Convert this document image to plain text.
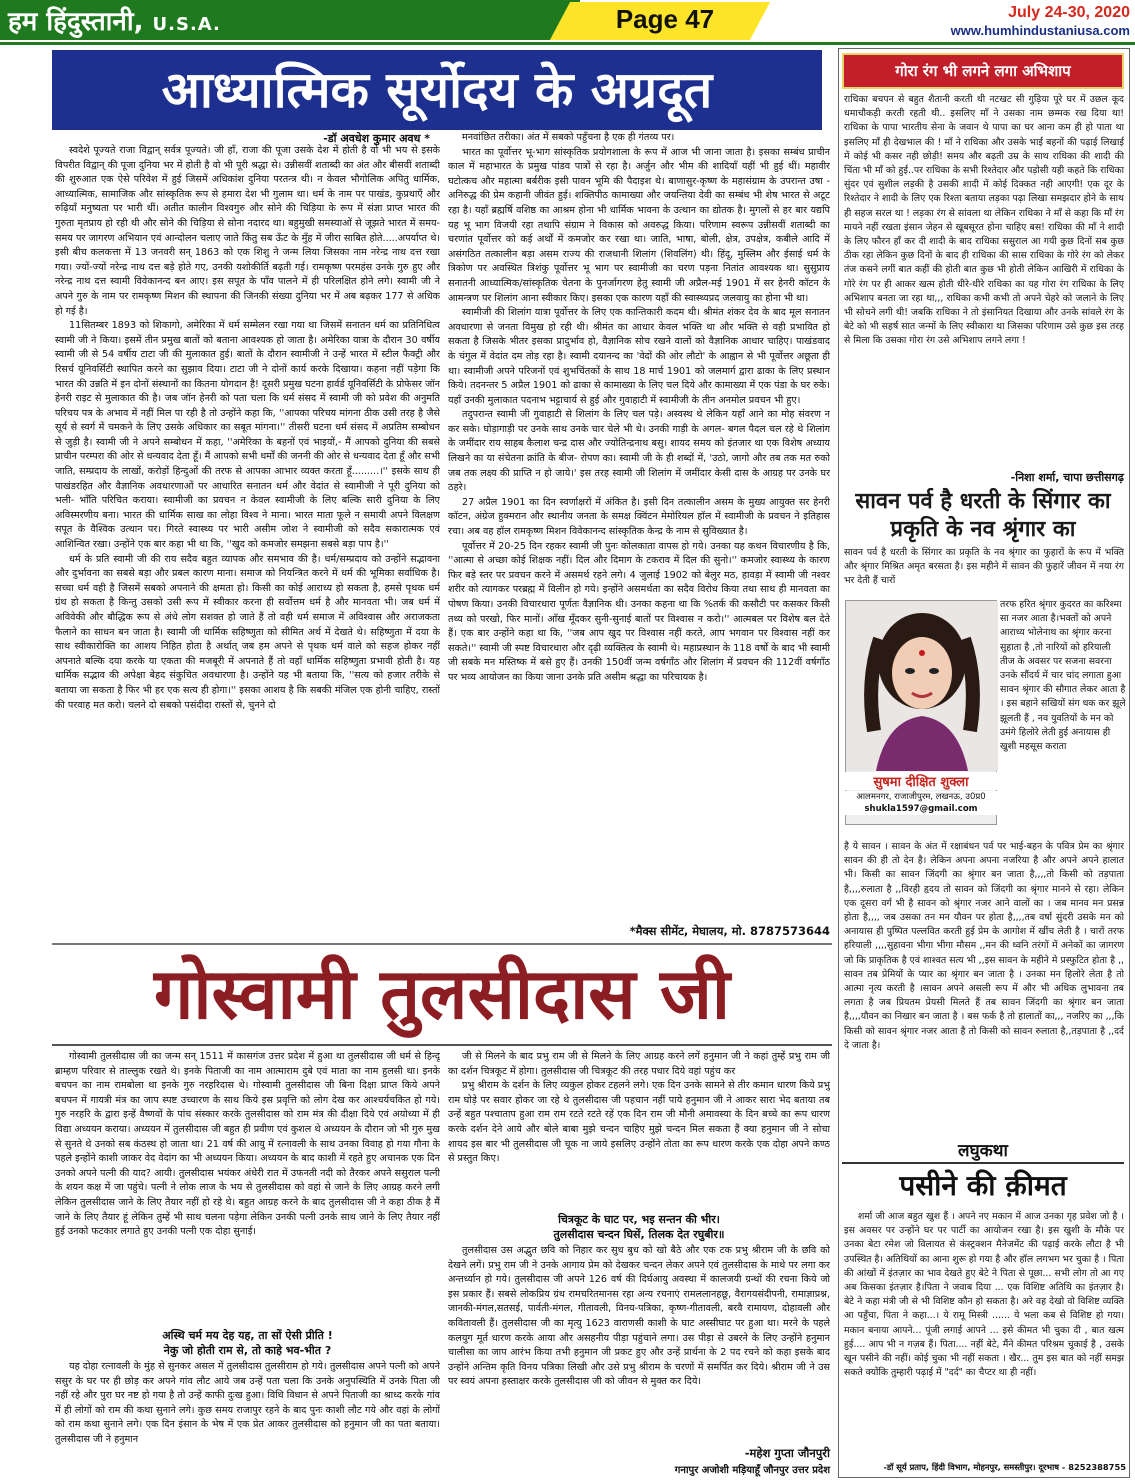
हम हिंदुस्तानी, U.S.A.	Page 47	July 24-30, 2020
www.humhindustaniusa.com
आध्यात्मिक सूर्योदय के अग्रदूत
-डॉ अवधेश कुमार अवध *

स्वदेशे पूज्यते राजा विद्वान् सर्वत्र पूज्यते। जी हाँ, राजा की पूजा उसके देश में होती है वो भी भय से इसके विपरीत विद्वान् की पूजा दुनिया भर में होती है वो भी पूरी श्रद्धा से। उन्नीसवीं शताब्दी का अंत और बीसवीं शताब्दी की शुरुआत एक ऐसे परिवेश में हुई जिसमें अधिकांश दुनिया परतन्त्र थी। न केवल भौगोलिक अपितु धार्मिक, आध्यात्मिक, सामाजिक और सांस्कृतिक रूप से हमारा देश भी गुलाम था। धर्म के नाम पर पाखंड, कुप्रथाएँ और रुढ़ियाँ मनुष्यता पर भारी थीं। अतीत कालीन विश्वगुरु और सोने की चिड़िया के रूप में संज्ञा प्राप्त भारत की गुरुता मृतप्राय हो रही थी और सोने की चिड़िया से सोना नदारद था। बहुमुखी समस्याओं से जूझते भारत में समय-समय पर जागरण अभियान एवं आन्दोलन चलाए जाते किंतु सब ऊँट के मुँह में जीरा साबित होते.....अपर्याप्त थे। इसी बीच कलकत्ता में 13 जनवरी सन् 1863 को एक शिशु ने जन्म लिया जिसका नाम नरेन्द्र नाथ दत्त रखा गया। ज्यों-ज्यों नरेन्द्र नाथ दत्त बड़े होते गए, उनकी यशोकीर्ति बढ़ती गई। रामकृष्ण परमहंस उनके गुरु हुए और नरेन्द्र नाथ दत्त स्वामी विवेकानन्द बन आए। इस सपूत के पाँव पालने में ही परिलक्षित होने लगे। स्वामी जी ने अपने गुरु के नाम पर रामकृष्ण मिशन की स्थापना की जिनकी संख्या दुनिया भर में अब बढ़कर 177 से अधिक हो गई है।

11सितम्बर 1893 को शिकागो, अमेरिका में धर्म सम्मेलन रखा गया था जिसमें सनातन धर्म का प्रतिनिधित्व स्वामी जी ने किया। इसमें तीन प्रमुख बातों को बताना आवश्यक हो जाता है। अमेरिका यात्रा के दौरान 30 वर्षीय स्वामी जी से 54 वर्षीय टाटा जी की मुलाकात हुई। बातों के दौरान स्वामीजी ने उन्हें भारत में स्टील फैक्ट्री और रिसर्च यूनिवर्सिटी स्थापित करने का सुझाव दिया। टाटा जी ने दोनों कार्य करके दिखाया। कहना नहीं पड़ेगा कि भारत की उन्नति में इन दोनों संस्थानों का कितना योगदान है! दूसरी प्रमुख घटना हार्वर्ड यूनिवर्सिटी के प्रोफेसर जॉन हेनरी राइट से मुलाकात की है। जब जॉन हेनरी को पता चला कि धर्म संसद में स्वामी जी को प्रवेश की अनुमति परिचय पत्र के अभाव में नहीं मिल पा रही है तो उन्होंने कहा कि, ''आपका परिचय मांगना ठीक उसी तरह है जैसे सूर्य से स्वर्ग में चमकने के लिए उसके अधिकार का सबूत मांगना।'' तीसरी घटना धर्म संसद में अप्रतिम सम्बोधन से जुड़ी है। स्वामी जी ने अपने सम्बोधन में कहा, ''अमेरिका के बहनों एवं भाइयों,- मैं आपको दुनिया की सबसे प्राचीन परम्परा की ओर से धन्यवाद देता हूँ। मैं आपको सभी धर्मों की जननी की ओर से धन्यवाद देता हूँ और सभी जाति, सम्प्रदाय के लाखों, करोड़ों हिन्दुओं की तरफ से आपका आभार व्यक्त करता हूँ.........।'' इसके साथ ही पाखंडरहित और वैज्ञानिक अवधारणाओं पर आधारित सनातन धर्म और वेदांत से स्वामीजी ने पूरी दुनिया को भली- भाँति परिचित कराया। स्वामीजी का प्रवचन न केवल स्वामीजी के लिए बल्कि सारी दुनिया के लिए अविस्मरणीय बना। भारत की धार्मिक साख का लोहा विश्व ने माना। भारत माता फूले न समायी अपने विलक्षण सपूत के वैश्विक उत्थान पर। गिरते स्वास्थ्य पर भारी असीम जोश ने स्वामीजी को सदैव सकारात्मक एवं आशिन्वित रखा। उन्होंने एक बार कहा भी था कि, ''खुद को कमजोर समझना सबसे बड़ा पाप है।''

धर्म के प्रति स्वामी जी की राय सदैव बहुत व्यापक और समभाव की है। धर्म/सम्प्रदाय को उन्होंने सद्भावना और दुर्भावना का सबसे बड़ा और प्रबल कारण माना। समाज को नियन्त्रित करने में धर्म की भूमिका सर्वाधिक है। सच्चा धर्म वही है जिसमें सबको अपनाने की क्षमता हो। किसी का कोई आराध्य हो सकता है, हमसे पृथक धर्म ग्रंथ हो सकता है किन्तु उसको उसी रूप में स्वीकार करना ही सर्वोत्तम धर्म है और मानवता भी। जब धर्म में अविवेकी और बौद्धिक रूप से अंधे लोग सशक्त हो जाते हैं तो वही धर्म समाज में अविश्वास और अराजकता फैलाने का साधन बन जाता है। स्वामी जी धार्मिक सहिष्णुता को सीमित अर्थ में देखते थे। सहिष्णुता में दया के साथ स्वीकारोक्ति का आशय निहित होता है अर्थात् जब हम अपने से पृथक धर्म वाले को सहज होकर नहीं अपनाते बल्कि दया करके या एकता की मजबूरी में अपनाते हैं तो वहाँ धार्मिक सहिष्णुता प्रभावी होती है। यह धार्मिक सद्भाव की अपेक्षा बेहद संकुचित अवधारणा है। उन्होंने यह भी बताया कि, ''सत्य को हजार तरीके से बताया जा सकता है फिर भी हर एक सत्य ही होगा।'' इसका आशय है कि सबकी मंजिल एक होनी चाहिए, रास्तों की परवाह मत करो। चलने दो सबको पसंदीदा रास्तों से, चुनने दो

मनवांछित तरीका। अंत में सबको पहुँचना है एक ही गंतव्य पर।

भारत का पूर्वोत्तर भू-भाग सांस्कृतिक प्रयोगशाला के रूप में आज भी जाना जाता है। इसका सम्बंध प्राचीन काल में महाभारत के प्रमुख पांडव पात्रों से रहा है। अर्जुन और भीम की शादियाँ यहीं भी हुई थीं। महावीर घटोत्कच और महात्मा बर्बरीक इसी पावन भूमि की पैदाइश थे। बाणासुर-कृष्ण के महासंग्राम के उपरान्त उषा - अनिरुद्ध की प्रेम कहानी जीवंत हुई। शक्तिपीठ कामाख्या और जयन्तिया देवी का सम्बंध भी शेष भारत से अटूट रहा है। यहाँ ब्रह्मर्षि वशिष्ठ का आश्रम होना भी धार्मिक भावना के उत्थान का द्योतक है। मुगलों से हर बार यद्यपि यह भू भाग विजयी रहा तथापि संग्राम ने विकास को अवरुद्ध किया। परिणाम स्वरूप उन्नीसवीं शताब्दी का चरणांत पूर्वोत्तर को कई अर्थों में कमजोर कर रखा था। जाति, भाषा, बोली, क्षेत्र, उपक्षेत्र, कबीले आदि में असंगठित तत्कालीन बड़ा असम राज्य की राजधानी शिलांग (शिवलिंग) थी। हिंदू, मुस्लिम और ईसाई धर्म के त्रिकोण पर अवस्थित त्रिशंकु पूर्वोत्तर भू भाग पर स्वामीजी का चरण पड़ना नितांत आवश्यक था। सुसुप्राय सनातनी आध्यात्मिक/सांस्कृतिक चेतना के पुनर्जागरण हेतु स्वामी जी अप्रैल-मई 1901 में सर हेनरी कॉटन के आमन्त्रण पर शिलांग आना स्वीकार किए। इसका एक कारण यहाँ की स्वास्थ्यप्रद जलवायु का होना भी था।

स्वामीजी की शिलांग यात्रा पूर्वोत्तर के लिए एक कान्तिकारी कदम थी। श्रीमंत शंकर देव के बाद मूल सनातन अवधारणा से जनता विमुख हो रही थी। श्रीमंत का आधार केवल भक्ति था और भक्ति से वही प्रभावित हो सकता है जिसके भीतर इसका प्रादुर्भाव हो, वैज्ञानिक सोच रखने वालों को वैज्ञानिक आधार चाहिए। पाखंडवाद के चंगुल में वेदांत दम तोड़ रहा है। स्वामी दयानन्द का 'वेदों की ओर लौटो' के आह्वान से भी पूर्वोत्तर अछूता ही था। स्वामीजी अपने परिजनों एवं शुभचिंतकों के साथ 18 मार्च 1901 को जलमार्ग द्वारा ढाका के लिए प्रस्थान किये। तदनन्तर 5 अप्रैल 1901 को ढाका से कामाख्या के लिए चल दिये और कामाख्या में एक पंडा के घर रुके। यहाँ उनकी मुलाकात पदनाभ भट्टाचार्य से हुई और गुवाहाटी में स्वामीजी के तीन अनमोल प्रवचन भी हुए।

तदुपरान्त स्वामी जी गुवाहाटी से शिलांग के लिए चल पड़े। अस्वस्थ थे लेकिन यहाँ आने का मोह संवरण न कर सके। घोड़ागाड़ी पर उनके साथ उनके चार चेले भी थे। उनकी गाड़ी के अगल- बगल पैदल चल रहे थे शिलांग के जमींदार राय साहब कैलाश चन्द्र दास और ज्योतिन्द्रनाथ बसु। शायद समय को इंतजार था एक विशेष अध्याय लिखने का या संचेतना क्रांति के बीज- रोपण का। स्वामी जी के ही शब्दों में, 'उठो, जागो और तब तक मत रुको जब तक लक्ष्य की प्राप्ति न हो जाये।' इस तरह स्वामी जी शिलांग में जमींदार केसी दास के आग्रह पर उनके घर ठहरे।

27 अप्रैल 1901 का दिन स्वर्णाक्षरों में अंकित है। इसी दिन तत्कालीन असम के मुख्य आयुक्त सर हेनरी कॉटन, अंग्रेज हुक्मरान और स्थानीय जनता के समक्ष क्विंटन मेमोरियल हॉल में स्वामीजी के प्रवचन ने इतिहास रचा। अब वह हॉल रामकृष्ण मिशन विवेकानन्द सांस्कृतिक केन्द्र के नाम से सुविख्यात है।

पूर्वोत्तर में 20-25 दिन रहकर स्वामी जी पुनः कोलकाता वापस हो गये। उनका यह कथन विचारणीय है कि, ''आत्मा से अच्छा कोई शिक्षक नहीं। दिल और दिमाग के टकराव में दिल की सुनो।'' कमजोर स्वास्थ्य के कारण फिर बड़े स्तर पर प्रवचन करने में असमर्थ रहने लगे। 4 जुलाई 1902 को बेलुर मठ, हावड़ा में स्वामी जी नश्वर शरीर को त्यागकर परब्रह्म में विलीन हो गये। इन्होंने असमर्थता का सदैव विरोध किया तथा साथ ही मानवता का पोषण किया। उनकी विचारधारा पूर्णतः वैज्ञानिक थी। उनका कहना था कि %तर्क की कसौटी पर कसकर किसी तथ्य को परखो, फिर मानों। आँख मूँदकर सुनी-सुनाई बातों पर विश्वास न करो।'' आत्मबल पर विशेष बल देते हैं। एक बार उन्होंने कहा था कि, ''जब आप खुद पर विश्वास नहीं करते, आप भगवान पर विश्वास नहीं कर सकते।'' स्वामी जी स्पष्ट विचारधारा और दृढ़ी व्यक्तित्व के स्वामी थे। महाप्रस्थान के 118 वर्षों के बाद भी स्वामी जी सबके मन मस्तिष्क में बसे हुए हैं। उनकी 150वीं जन्म वर्षगाँठ और शिलांग में प्रवचन की 112वीं वर्षगाँठ पर भव्य आयोजन का किया जाना उनके प्रति असीम श्रद्धा का परिचायक है।

*मैक्स सीमेंट, मेघालय, मो. 8787573644
गोस्वामी तुलसीदास जी

गोस्वामी तुलसीदास जी का जन्म सन् 1511 में कासगंज उत्तर प्रदेश में हुआ था तुलसीदास जी धर्म से हिन्दू ब्राम्हण परिवार से ताल्लुक रखते थे। इनके पिताजी का नाम आत्माराम दुबे एवं माता का नाम हुलसी था। इनके बचपन का नाम रामबोला था इनके गुरु नरहरिदास थे। गोस्वामी तुलसीदास जी बिना दिक्षा प्राप्त किये अपने बचपन में गायत्री मंत्र का जाप स्पष्ट उच्चारण के साथ किये इस प्रवृत्ति को लोग देख कर आश्चर्यचकित हो गये। गुरु नरहरि के द्वारा इन्हें वैष्णवों के पांच संस्कार करके तुलसीदास को राम मंत्र की दीक्षा दिये एवं अयोध्या में ही विद्या अध्ययन कराया। अध्ययन में तुलसीदास जी बहुत ही प्रवीण एवं कुशल थे अध्ययन के दौरान जो भी गुरु मुख से सुनते थे उनको सब कंठस्थ हो जाता था। 21 वर्ष की आयु में रत्नावली के साथ उनका विवाह हो गया गौना के पहले इन्होंने काशी जाकर वेद वेदांग का भी अध्ययन किया। अध्ययन के बाद काशी में रहते हुए अचानक एक दिन उनको अपने पत्नी की याद? आयी। तुलसीदास भयंकर अंधेरी रात में उफनती नदी को तैरकर अपने ससुराल पत्नी के शयन कक्ष में जा पहुंचे। पत्नी ने लोक लाज के भय से तुलसीदास को वहां से जाने के लिए आग्रह करने लगी लेकिन तुलसीदास जाने के लिए तैयार नहीं हो रहे थे। बहुत आग्रह करने के बाद तुलसीदास जी ने कहा ठीक है मैं जाने के लिए तैयार हूं लेकिन तुम्हें भी साथ चलना पड़ेगा लेकिन उनकी पत्नी उनके साथ जाने के लिए तैयार नहीं हुई उनको फटकार लगाते हुए उनकी पत्नी एक दोहा सुनाई।

अस्थि चर्म मय देह यह, ता सों ऐसी प्रीति !
नेकु जो होती राम से, तो काहे भव-भीत ?

यह दोहा रत्नावली के मुंह से सुनकर असल में तुलसीदास तुलसीराम हो गये। तुलसीदास अपने पत्नी को अपने ससुर के घर पर ही छोड़ कर अपने गांव लौट आये जब उन्हें पता चला कि उनके अनुपस्थिति में उनके पिता जी नहीं रहे और पुरा घर नष्ट हो गया है तो उन्हें काफी दुःख हुआ। विधि विधान से अपने पिताजी का श्राध्द करके गांव में ही लोगों को राम की कथा सुनाने लगे। कुछ समय राजापुर रहने के बाद पुनः काशी लौट गये और वहां के लोगों को राम कथा सुनाने लगे। एक दिन इंसान के भेष में एक प्रेत आकर तुलसीदास को हनुमान जी का पता बताया। तुलसीदास जी ने हनुमान

जी से मिलने के बाद प्रभु राम जी से मिलने के लिए आग्रह करने लगें हनुमान जी ने कहां तुम्हें प्रभु राम जी का दर्शन चित्रकूट में होगा। तुलसीदास जी चित्रकूट की तरह पधार दिये वहां पहुंच कर

प्रभु श्रीराम के दर्शन के लिए व्यकुल होकर टहलने लगे। एक दिन उनके सामने से तीर कमान धारण किये प्रभु राम घोड़े पर सवार होकर जा रहे थे तुलसीदास जी पहचान नहीं पाये हनुमान जी ने आकर सारा भेद बताया तब उन्हें बहुत पश्चाताप हुआ राम राम रटते रटते रहें एक दिन राम जी मौनी अमावस्या के दिन बच्चे का रूप धारण करके दर्शन देने आये और बोले बाबा मुझे चन्दन चाहिए मुझे चन्दन मिल सकता हैं क्या हनुमान जी ने सोचा शायद इस बार भी तुलसीदास जी चूक ना जाये इसलिए उन्होंने तोता का रूप धारण करके एक दोहा अपने कण्ठ से प्रस्तुत किए।

चित्रकूट के घाट पर, भइ सन्तन की भीर।
तुलसीदास चन्दन घिसें, तिलक देत रघुबीर॥

तुलसीदास उस अद्भुत छवि को निहार कर सुध बुध को खो बैठे और एक टक प्रभु श्रीराम जी के छवि को देखने लगें। प्रभु राम जी ने उनके आगाय प्रेम को देखकर चन्दन लेकर अपने एवं तुलसीदास के माथे पर लगा कर अन्तर्ध्यान हो गये। तुलसीदास जी अपने 126 वर्ष की दिर्घआयु अवस्था में कालजयी ग्रन्थों की रचना किये जो इस प्रकार हैं। सबसे लोकप्रिय ग्रंथ रामचरितमानस रहा अन्य रचनाएं रामललानहछू, वैरागयसंदीपनी, रामाज्ञाप्रश्न, जानकी-मंगल,सतसई, पार्वती-मंगल, गीतावली, विनय-पत्रिका, कृष्ण-गीतावली, बरवै रामायण, दोहावली और कवितावली हैं। तुलसीदास जी का मृत्यु 1623 वाराणसी काशी के घाट अस्सीघाट पर हुआ था। मरने के पहले कलयुग मूर्त धारण करके आया और असहनीय पीड़ा पहुंचाने लगा। उस पीड़ा से उबरने के लिए उन्होंने हनुमान चालीसा का जाप आरंभ किया तभी हनुमान जी प्रकट हुए और उन्हें प्रार्थना के 2 पद रचने को कहा इसके बाद उन्होंने अन्तिम कृति विनय पत्रिका लिखी और उसे प्रभु श्रीराम के चरणों में समर्पित कर दिये। श्रीराम जी ने उस पर स्वयं अपना हस्ताक्षर करके तुलसीदास जी को जीवन से मुक्त कर दिये।

-महेश गुप्ता जौनपुरी
गनापुर अजोशी मड़ियाहूँ जौनपुर उत्तर प्रदेश
गोरा रंग भी लगने लगा अभिशाप

राधिका बचपन से बहुत शैतानी करती थी नटखट सी गुड़िया पूरे घर में उछल कूद धमाचौकड़ी करती रहती थी.. इसलिए माँ ने उसका नाम छम्मक रख दिया था! राधिका के पापा भारतीय सेना के जवान थे पापा का घर आना कम ही हो पाता था इसलिए माँ ही देखभाल की ! माँ ने राधिका और उसके भाई बहनों की पढ़ाई लिखाई में कोई भी कसर नही छोड़ी! समय और बढ़ती उम्र के साथ राधिका की शादी की चिंता भी माँ को हुई..पर राधिका के सभी रिश्तेदार और पड़ोसी यही कहते कि राधिका सुंदर एवं सुशील लड़की है उसकी शादी में कोई दिक्कत नही आएगी! एक दूर के रिश्तेदार ने शादी के लिए एक रिश्ता बताया लड़का पढ़ा लिखा समझदार होने के साथ ही सहज सरल था ! लड़का रंग से सांवला था लेकिन राधिका ने माँ से कहा कि माँ रंग मायने नहीं रखता इंसान जेहन से खूबसूरत होना चाहिए बस! राधिका की माँ ने शादी के लिए फौरन हाँ कर दी शादी के बाद राधिका ससुराल आ गयी कुछ दिनों सब कुछ ठीक रहा लेकिन कुछ दिनों के बाद ही राधिका की सास राधिका के गोरे रंग को लेकर तंज कसने लगीं बात कहीं की होती बात कुछ भी होती लेकिन आखिरी में राधिका के गोरे रंग पर ही आकर खत्म होती धीरे-धीरे राधिका का यह गोरा रंग राधिका के लिए अभिशाप बनता जा रहा था,,, राधिका कभी कभी तो अपने चेहरे को जलाने के लिए भी सोचने लगी थी! जबकि राधिका ने तो इंसानियत दिखाया और उनके सांवले रंग के बेटे को भी सहर्ष सात जन्मों के लिए स्वीकारा था जिसका परिणाम उसे कुछ इस तरह से मिला कि उसका गोरा रंग उसे अभिशाप लगने लगा !

-निशा शर्मा, चापा छत्तीसगढ़
सावन पर्व है धरती के सिंगार का प्रकृति के नव श्रृंगार का

सावन पर्व है धरती के सिंगार का प्रकृति के नव श्रृंगार का फुहारों के रूप में भक्ति और श्रृंगार मिश्रित अमृत बरसता है। इस महीने में सावन की फुहारें जीवन में नया रंग भर देती हैं चारों

सुषमा दीक्षित शुक्ला
आलमनगर, राजाजीपुरम, लखनऊ, उ0प्र0
shukla1597@gmail.com

तरफ हरित श्रृंगार कुदरत का करिश्मा सा नजर आता है।भक्तों को अपने आराध्य भोलेनाथ का श्रृंगार करना सुहाता है ,तो नारियों को हरियाली तीज के अवसर पर सजना सवरना उनके सौंदर्य में चार चांद लगाता हुआ सावन श्रृंगार की सौगात लेकर आता है । इस बहाने सखियों संग धक कर झूले झूलती हैं , नव युवतियों के मन को उमंगे हिलोरे लेती हुई अनायास ही खुशी महसूस कराता

है ये सावन । सावन के अंत में रक्षाबंधन पर्व पर भाई-बहन के पवित्र प्रेम का श्रृंगार सावन की ही तो देन है। लेकिन अपना अपना नजरिया है और अपने अपने हालात भी। किसी का सावन जिंदगी का श्रृंगार बन जाता है,,,,तो किसी को तड़पाता है,,,,रुलाता है ,,विरही हृदय तो सावन को जिंदगी का श्रृंगार मानने से रहा। लेकिन एक दूसरा वर्ग भी है सावन को श्रृंगार नजर आने वालों का । जब मानव मन प्रसन्न होता है,,,, जब उसका तन मन यौवन पर होता है,,,,तब वर्षा सुंदरी उसके मन को अनायास ही पुष्पित पल्लवित करती हुई प्रेम के आगोश में खींच लेती है । चारों तरफ हरियाली ,,,,सुहावना भीगा भीगा मौसम ,,मन की ध्वनि तरंगों में अनेकों का जागरण जो कि प्राकृतिक है एवं शाश्वत सत्य भी ,,इस सावन के महीने मे प्रस्फुटित होता है ,, सावन तब प्रेमियों के प्यार का श्रृंगार बन जाता है । उनका मन हिलोरे लेता है तो आत्मा नृत्य करती है ।सावन अपने असली रूप में और भी अधिक लुभावना तब लगता है जब प्रियतम प्रेयसी मिलते हैं तब सावन जिंदगी का श्रृंगार बन जाता है,,,,यौवन का निखार बन जाता है । बस फर्क है तो हालातों का,,, नजरिए का ,,,कि किसी को सावन श्रृंगार नजर आता है तो किसी को सावन रुलाता है,,तड़पाता है ,,दर्द दे जाता है।

लघुकथा
पसीने की क़ीमत

शर्मा जी आज बहुत खुश हैं । अपने नए मकान में आज उनका गृह प्रवेश जो है । इस अवसर पर उन्होंने घर पर पार्टी का आयोजन रखा है। इस खुशी के मौके पर उनका बेटा रमेश जो विलायत से कंस्ट्रक्शन मैनेजमेंट की पढ़ाई करके लौटा है भी उपस्थित है। अतिथियों का आना शुरू हो गया है और हॉल लगभग भर चुका है । पिता की आंखों में इंतज़ार का भाव देखते हुए बेटे ने पिता से पूछा... सभी लोग तो आ गए अब किसका इंतज़ार है।पिता ने जवाब दिया ... एक विशिष्ट अतिथि का इंतज़ार है। बेटे ने कहा मंत्री जी से भी विशिष्ट कौन हो सकता है। अरे वह देखो वो विशिष्ट व्यक्ति आ पहुँचा, पिता ने कहा...। ये रामू मिस्त्री ...... ये भला कब से विशिष्ट हो गया। मकान बनाया आपने... पूंजी लगाई आपने ... इसे कीमत भी चुका दी , बात खत्म हुई.... आप भी न गज़ब हैं। पिता.... नहीं बेटे, मैंने कीमत परिश्रम चुकाई है , उसके खून पसीने की नहीं। कोई चुका भी नहीं सकता । खैर... तुम इस बात को नहीं समझ सकते क्योंकि तुम्हारी पढ़ाई में "दर्द" का चैप्टर था ही नहीं।

-डॉ सूर्य प्रताप, हिंदी विभाग, मोहनपुर, समस्तीपुर। दूरभाष - 8252388755
